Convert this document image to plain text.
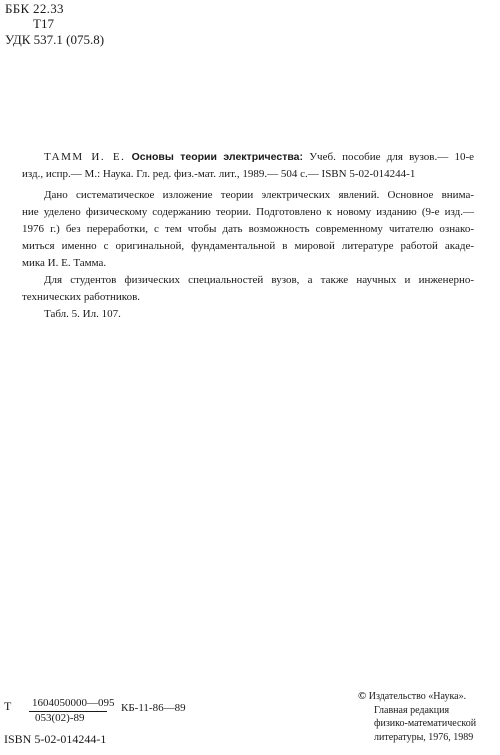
ББК 22.33
Т17
УДК 537.1 (075.8)
ТАММ И. Е. Основы теории электричества: Учеб. пособие для вузов.— 10-е
изд., испр.— М.: Наука. Гл. ред. физ.-мат. лит., 1989.— 504 с.— ISBN 5-02-014244-1
Дано систематическое изложение теории электрических явлений. Основное внима-
ние уделено физическому содержанию теории. Подготовлено к новому изданию (9-е изд.—
1976 г.) без переработки, с тем чтобы дать возможность современному читателю ознако-
миться именно с оригинальной, фундаментальной в мировой литературе работой акаде-
мика И. Е. Тамма.
Для студентов физических специальностей вузов, а также научных и инженерно-
технических работников.
Табл. 5. Ил. 107.
Т 1604050000—095
053(02)-89
КБ-11-86—89
ISBN 5-02-014244-1
© Издательство «Наука».
Главная редакция
физико-математической
литературы, 1976, 1989
